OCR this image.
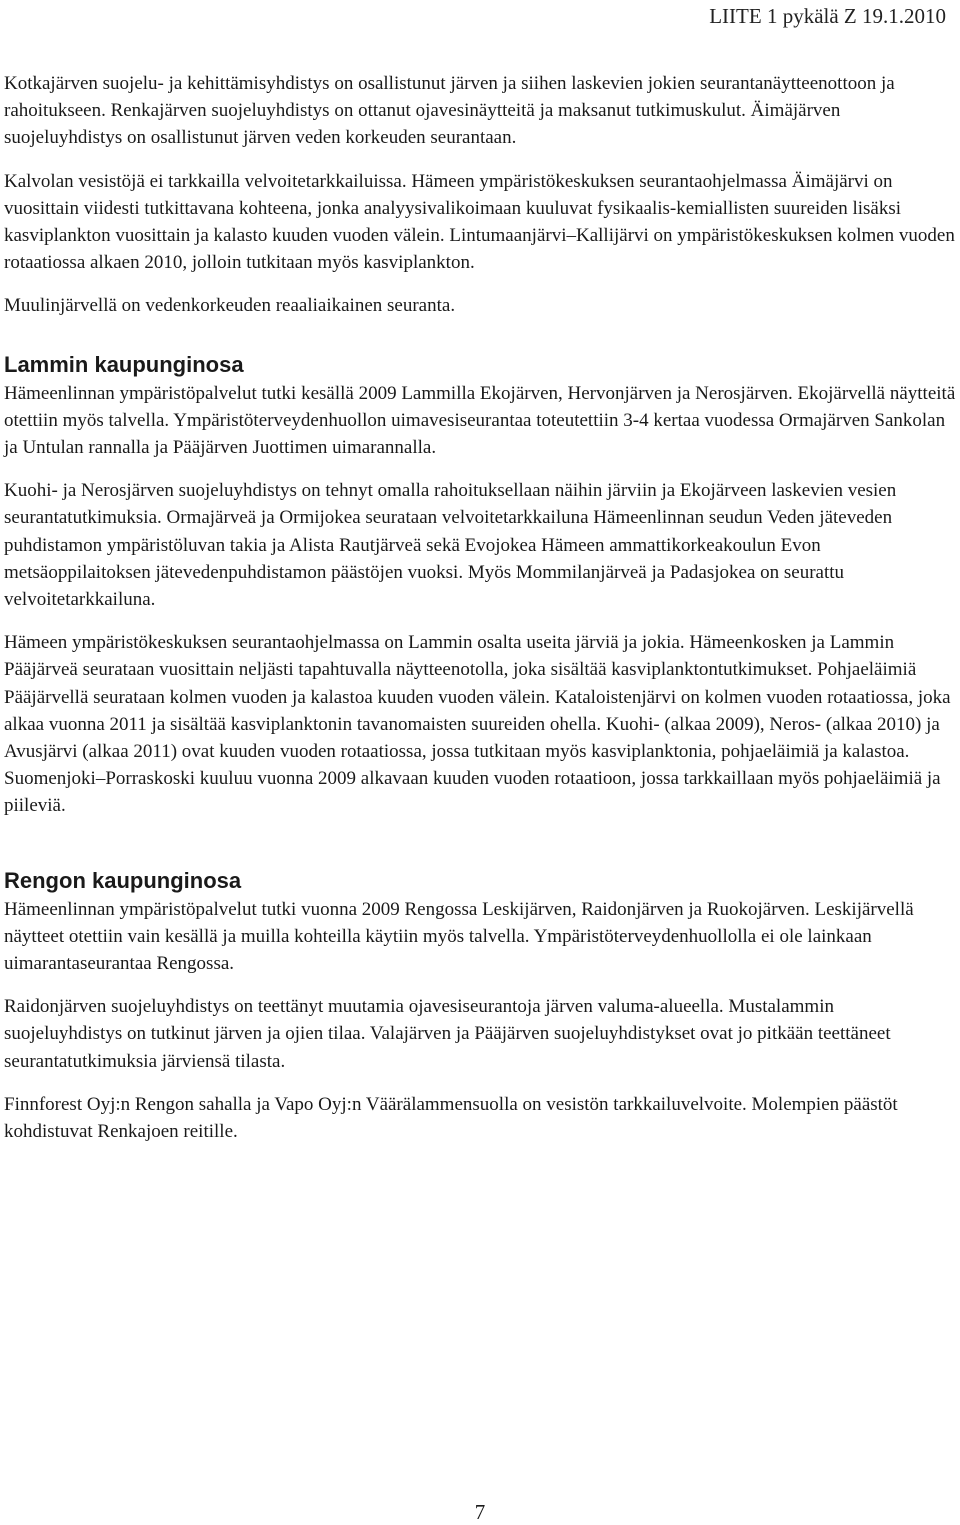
LIITE 1 pykälä Z 19.1.2010

Kotkajärven suojelu- ja kehittämisyhdistys on osallistunut järven ja siihen laskevien jokien seurantanäytteenottoon ja rahoitukseen. Renkajärven suojeluyhdistys on ottanut ojavesinäytteitä ja maksanut tutkimuskulut. Äimäjärven suojeluyhdistys on osallistunut järven veden korkeuden seurantaan.

Kalvolan vesistöjä ei tarkkailla velvoitetarkkailuissa. Hämeen ympäristökeskuksen seurantaohjelmassa Äimäjärvi on vuosittain viidesti tutkittavana kohteena, jonka analyysivalikoimaan kuuluvat fysikaalis-kemiallisten suureiden lisäksi kasviplankton vuosittain ja kalasto kuuden vuoden välein. Lintumaanjärvi–Kallijärvi on ympäristökeskuksen kolmen vuoden rotaatiossa alkaen 2010, jolloin tutkitaan myös kasviplankton.

Muulinjärvellä on vedenkorkeuden reaaliaikainen seuranta.

Lammin kaupunginosa

Hämeenlinnan ympäristöpalvelut tutki kesällä 2009 Lammilla Ekojärven, Hervonjärven ja Nerosjärven. Ekojärvellä näytteitä otettiin myös talvella. Ympäristöterveydenhuollon uimavesiseurantaa toteutettiin 3-4 kertaa vuodessa Ormajärven Sankolan ja Untulan rannalla ja Pääjärven Juottimen uimarannalla.

Kuohi- ja Nerosjärven suojeluyhdistys on tehnyt omalla rahoituksellaan näihin järviin ja Ekojärveen laskevien vesien seurantatutkimuksia. Ormajärveä ja Ormijokea seurataan velvoitetarkkailuna Hämeenlinnan seudun Veden jäteveden puhdistamon ympäristöluvan takia ja Alista Rautjärveä sekä Evojokea Hämeen ammattikorkeakoulun Evon metsäoppilaitoksen jätevedenpuhdistamon päästöjen vuoksi. Myös Mommilanjärveä ja Padasjokea on seurattu velvoitetarkkailuna.

Hämeen ympäristökeskuksen seurantaohjelmassa on Lammin osalta useita järviä ja jokia. Hämeenkosken ja Lammin Pääjärveä seurataan vuosittain neljästi tapahtuvalla näytteenotolla, joka sisältää kasviplanktontutkimukset. Pohjaeläimiä Pääjärvellä seurataan kolmen vuoden ja kalastoa kuuden vuoden välein. Kataloistenjärvi on kolmen vuoden rotaatiossa, joka alkaa vuonna 2011 ja sisältää kasviplanktonin tavanomaisten suureiden ohella. Kuohi- (alkaa 2009), Neros- (alkaa 2010) ja Avusjärvi (alkaa 2011) ovat kuuden vuoden rotaatiossa, jossa tutkitaan myös kasviplanktonia, pohjaeläimiä ja kalastoa. Suomenjoki–Porraskoski kuuluu vuonna 2009 alkavaan kuuden vuoden rotaatioon, jossa tarkkaillaan myös pohjaeläimiä ja piileviä.

Rengon kaupunginosa

Hämeenlinnan ympäristöpalvelut tutki vuonna 2009 Rengossa Leskijärven, Raidonjärven ja Ruokojärven. Leskijärvellä näytteet otettiin vain kesällä ja muilla kohteilla käytiin myös talvella. Ympäristöterveydenhuollolla ei ole lainkaan uimarantaseurantaa Rengossa.

Raidonjärven suojeluyhdistys on teettänyt muutamia ojavesiseurantoja järven valuma-alueella. Mustalammin suojeluyhdistys on tutkinut järven ja ojien tilaa. Valajärven ja Pääjärven suojeluyhdistykset ovat jo pitkään teettäneet seurantatutkimuksia järviensä tilasta.

Finnforest Oyj:n Rengon sahalla ja Vapo Oyj:n Väärälammensuolla on vesistön tarkkailuvelvoite. Molempien päästöt kohdistuvat Renkajoen reitille.

7
